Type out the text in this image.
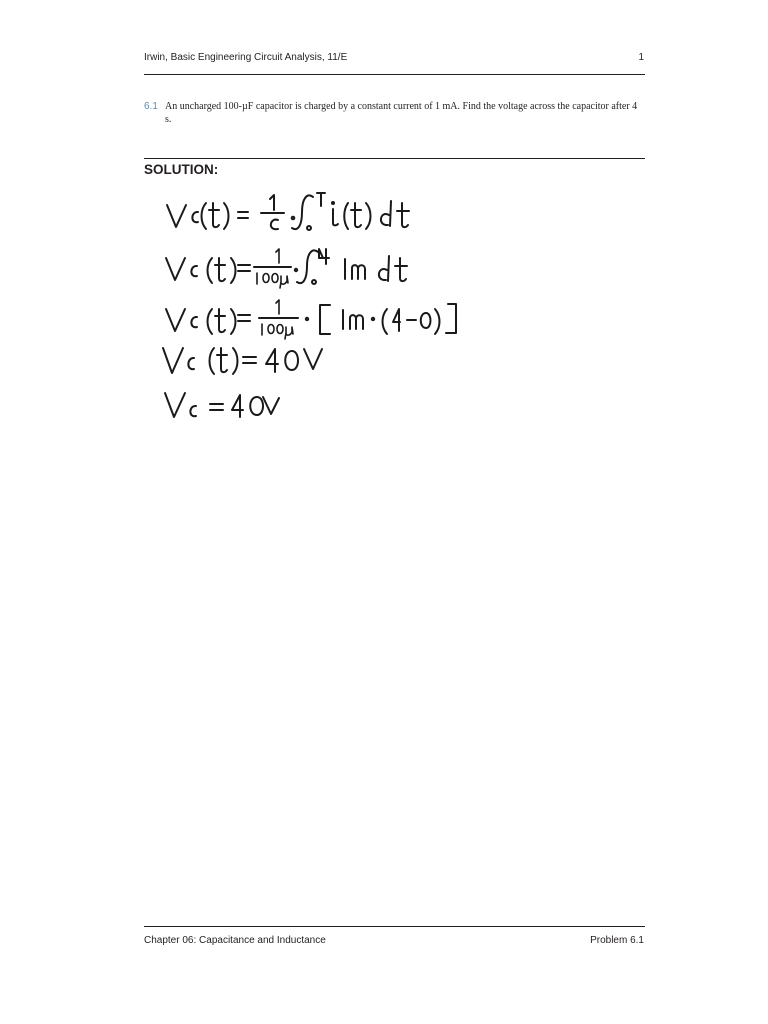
Irwin, Basic Engineering Circuit Analysis, 11/E	1
6.1 An uncharged 100-µF capacitor is charged by a constant current of 1 mA. Find the voltage across the capacitor after 4 s.
SOLUTION:
Chapter 06: Capacitance and Inductance	Problem 6.1
